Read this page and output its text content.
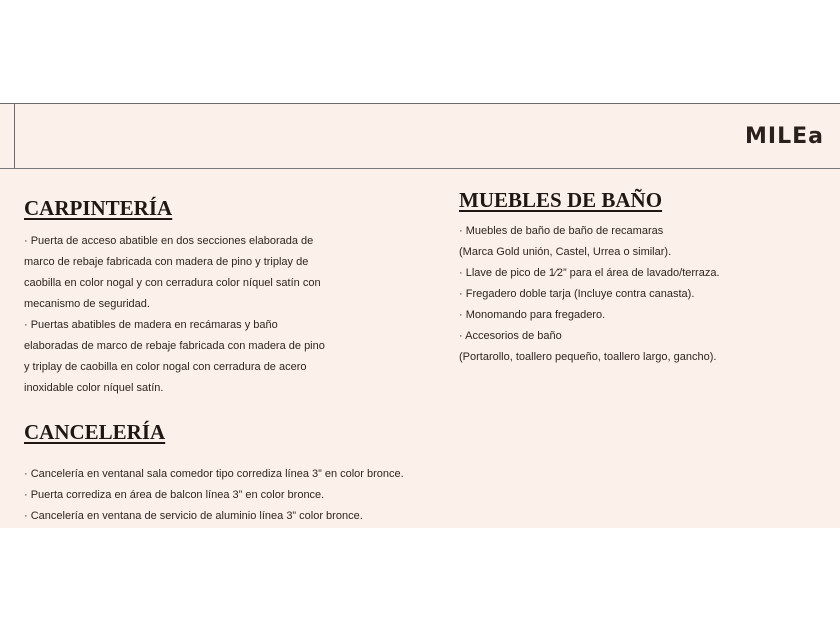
MILEa
CARPINTERÍA
· Puerta de acceso abatible en dos secciones elaborada de
marco de rebaje fabricada con madera de pino y triplay de
caobilla en color nogal y con cerradura color níquel satín con
mecanismo de seguridad.
· Puertas abatibles de madera en recámaras y baño
elaboradas de marco de rebaje fabricada con madera de pino
y triplay de caobilla en color nogal con cerradura de acero
inoxidable color níquel satín.
CANCELERÍA
· Cancelería en ventanal sala comedor tipo corrediza línea 3” en color bronce.
· Puerta corrediza en área de balcon línea 3” en color bronce.
· Cancelería en ventana de servicio de aluminio línea 3” color bronce.
MUEBLES DE BAÑO
· Muebles de baño de baño de recamaras
(Marca Gold unión, Castel, Urrea o similar).
· Llave de pico de 1⁄2” para el área de lavado/terraza.
· Fregadero doble tarja (Incluye contra canasta).
· Monomando para fregadero.
· Accesorios de baño
(Portarollo, toallero pequeño, toallero largo, gancho).
